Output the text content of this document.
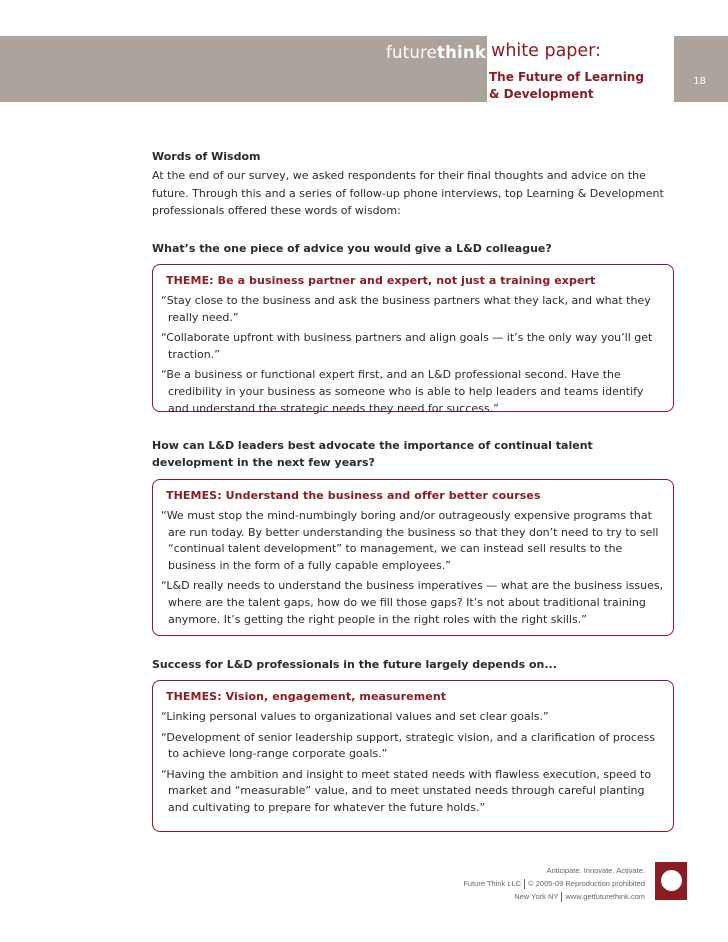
futurethink white paper:
The Future of Learning
& Development
18
Words of Wisdom
At the end of our survey, we asked respondents for their final thoughts and advice on the future. Through this and a series of follow-up phone interviews, top Learning & Development professionals offered these words of wisdom:
What’s the one piece of advice you would give a L&D colleague?
THEME: Be a business partner and expert, not just a training expert
“Stay close to the business and ask the business partners what they lack, and what they really need.”
“Collaborate upfront with business partners and align goals — it’s the only way you’ll get traction.”
“Be a business or functional expert first, and an L&D professional second. Have the credibility in your business as someone who is able to help leaders and teams identify and understand the strategic needs they need for success.”
How can L&D leaders best advocate the importance of continual talent development in the next few years?
THEMES: Understand the business and offer better courses
“We must stop the mind-numbingly boring and/or outrageously expensive programs that are run today. By better understanding the business so that they don’t need to try to sell “continual talent development” to management, we can instead sell results to the business in the form of a fully capable employees.”
“L&D really needs to understand the business imperatives — what are the business issues, where are the talent gaps, how do we fill those gaps? It’s not about traditional training anymore. It’s getting the right people in the right roles with the right skills.”
Success for L&D professionals in the future largely depends on...
THEMES: Vision, engagement, measurement
“Linking personal values to organizational values and set clear goals.”
“Development of senior leadership support, strategic vision, and a clarification of process to achieve long-range corporate goals.”
“Having the ambition and insight to meet stated needs with flawless execution, speed to market and “measurable” value, and to meet unstated needs through careful planting and cultivating to prepare for whatever the future holds.”
Anticipate. Innovate. Activate.
Future Think LLC © 2005-09 Reproduction prohibited
New York NY www.getfuturethink.com
